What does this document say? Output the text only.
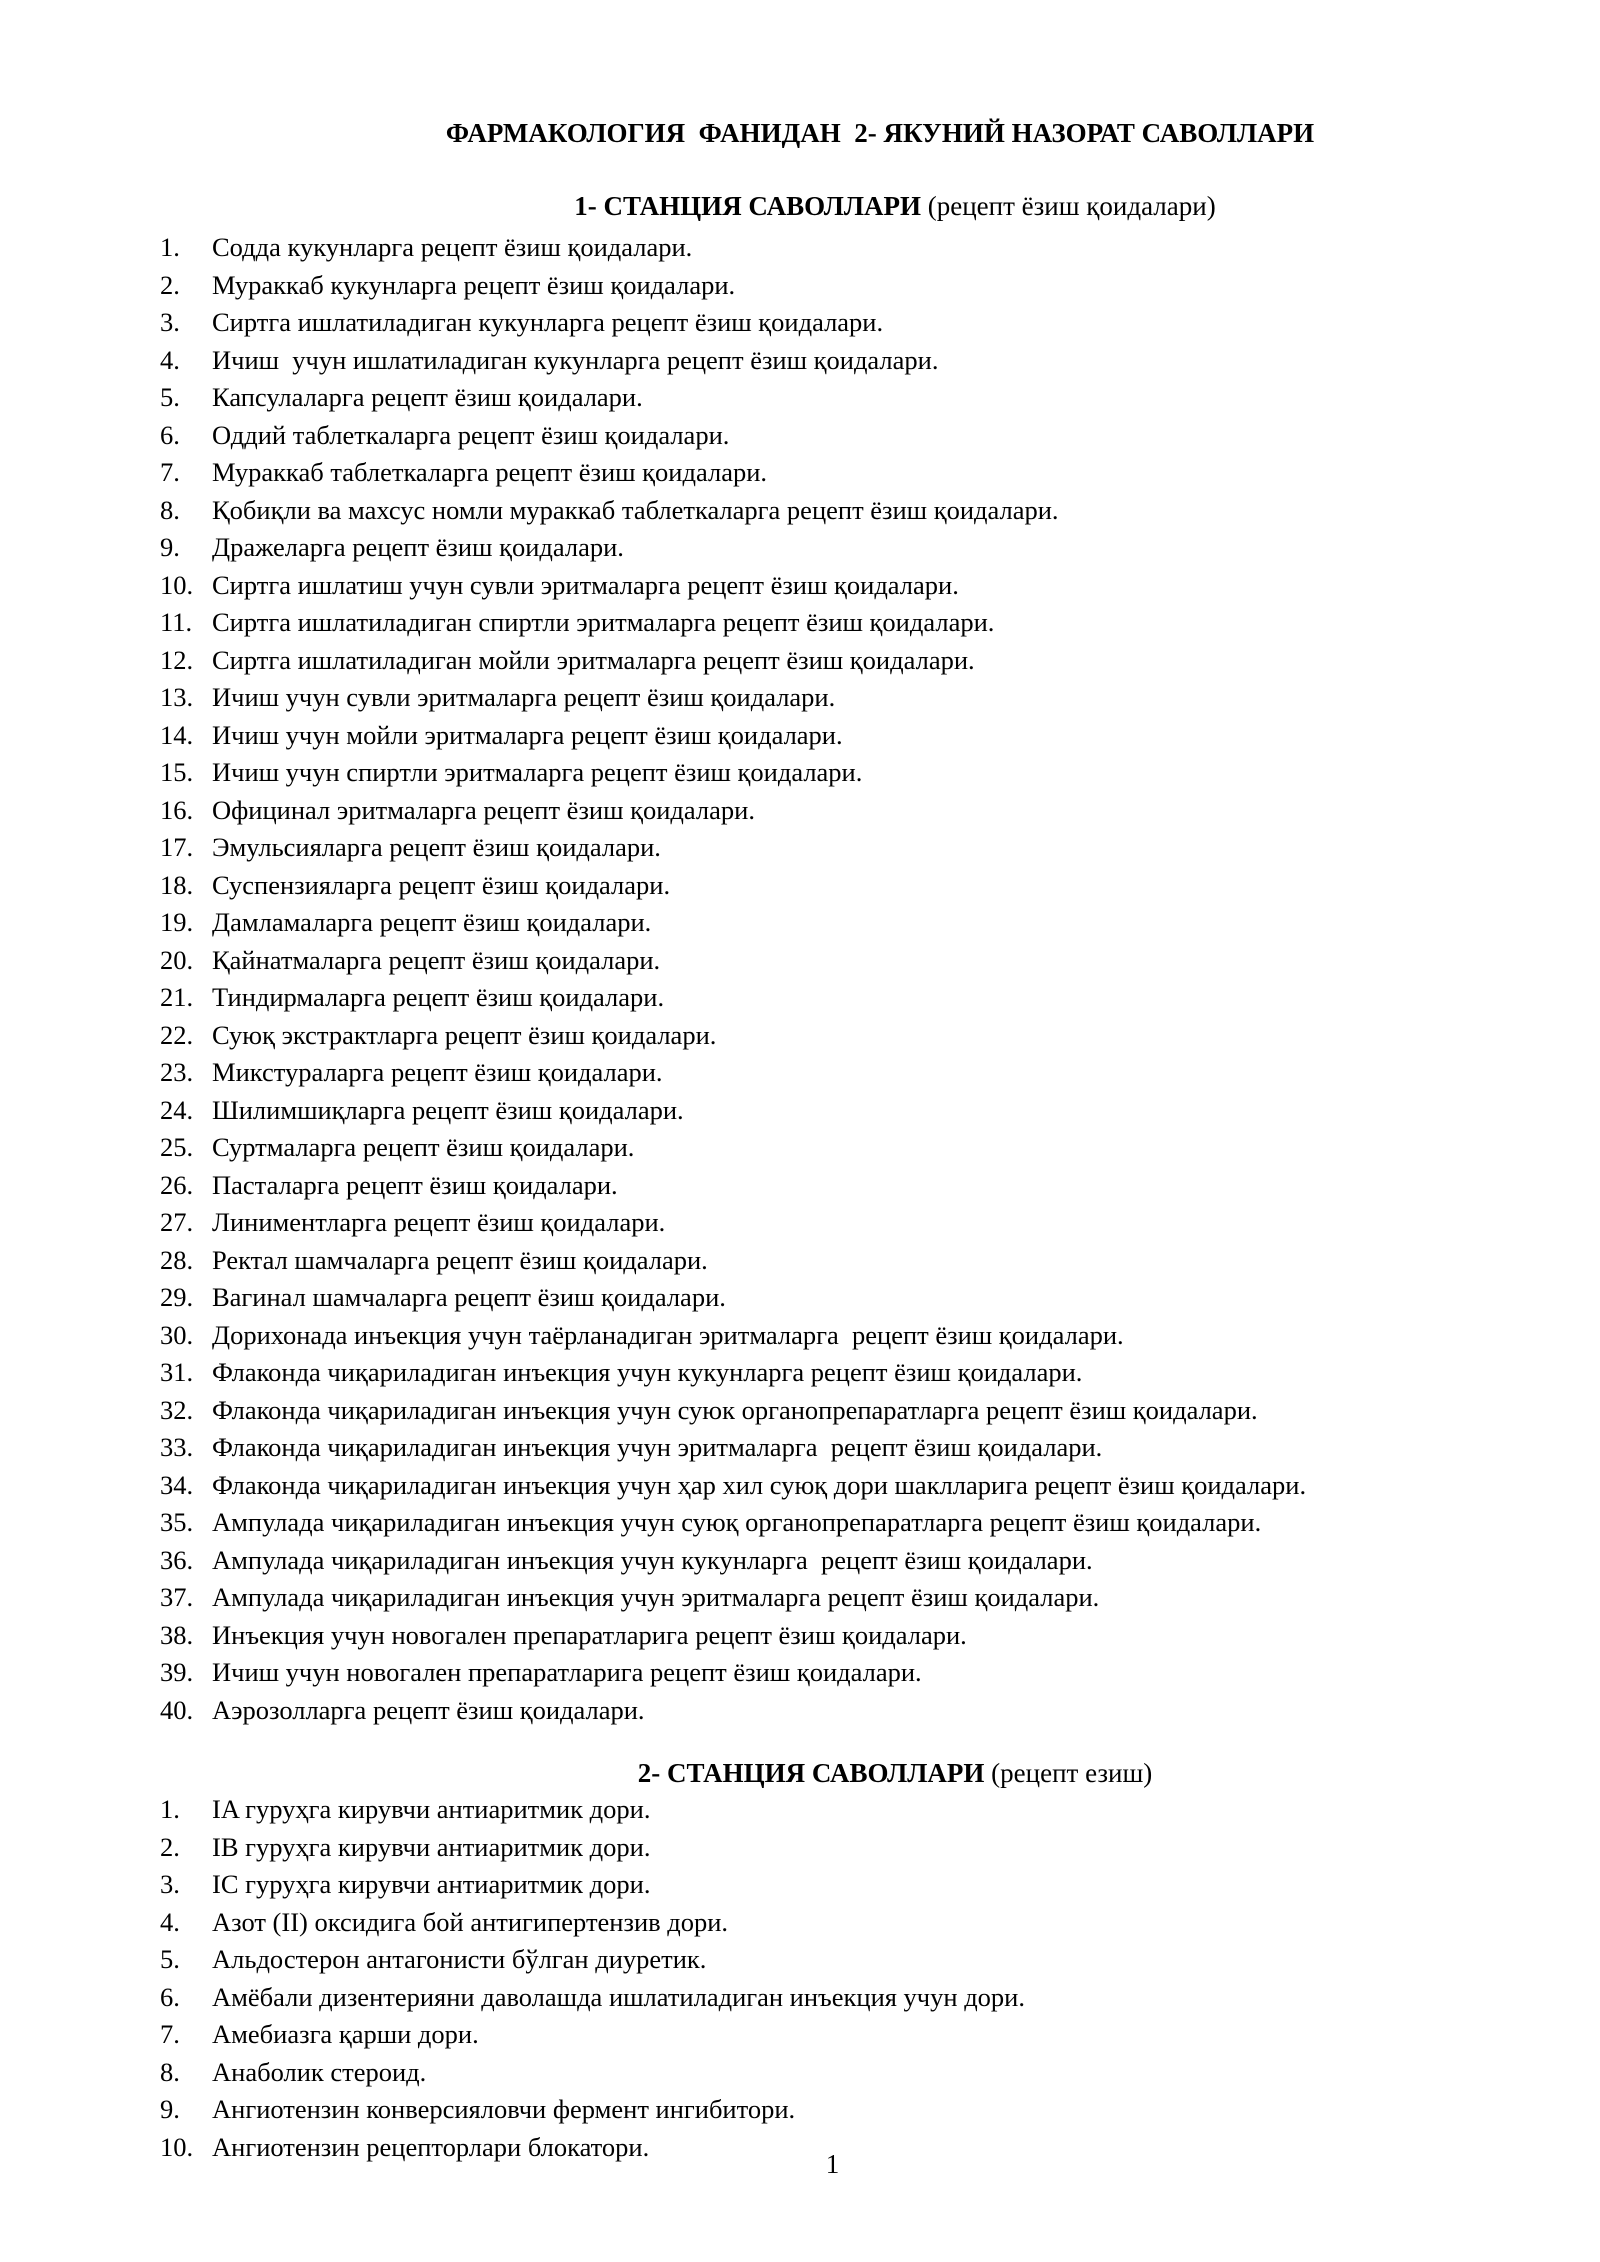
ФАРМАКОЛОГИЯ  ФАНИДАН  2- ЯКУНИЙ НАЗОРАТ САВОЛЛАРИ
1- СТАНЦИЯ САВОЛЛАРИ (рецепт ёзиш қоидалари)
1. Содда кукунларга рецепт ёзиш қоидалари.
2. Мураккаб кукунларга рецепт ёзиш қоидалари.
3. Сиртга ишлатиладиган кукунларга рецепт ёзиш қоидалари.
4. Ичиш  учун ишлатиладиган кукунларга рецепт ёзиш қоидалари.
5. Капсулаларга рецепт ёзиш қоидалари.
6. Оддий таблеткаларга рецепт ёзиш қоидалари.
7. Мураккаб таблеткаларга рецепт ёзиш қоидалари.
8. Қобиқли ва махсус номли мураккаб таблеткаларга рецепт ёзиш қоидалари.
9. Дражеларга рецепт ёзиш қоидалари.
10. Сиртга ишлатиш учун сувли эритмаларга рецепт ёзиш қоидалари.
11. Сиртга ишлатиладиган спиртли эритмаларга рецепт ёзиш қоидалари.
12. Сиртга ишлатиладиган мойли эритмаларга рецепт ёзиш қоидалари.
13. Ичиш учун сувли эритмаларга рецепт ёзиш қоидалари.
14. Ичиш учун мойли эритмаларга рецепт ёзиш қоидалари.
15. Ичиш учун спиртли эритмаларга рецепт ёзиш қоидалари.
16. Официнал эритмаларга рецепт ёзиш қоидалари.
17. Эмульсияларга рецепт ёзиш қоидалари.
18. Суспензияларга рецепт ёзиш қоидалари.
19. Дамламаларга рецепт ёзиш қоидалари.
20. Қайнатмаларга рецепт ёзиш қоидалари.
21. Тиндирмаларга рецепт ёзиш қоидалари.
22. Суюқ экстрактларга рецепт ёзиш қоидалари.
23. Микстураларга рецепт ёзиш қоидалари.
24. Шилимшиқларга рецепт ёзиш қоидалари.
25. Суртмаларга рецепт ёзиш қоидалари.
26. Пасталарга рецепт ёзиш қоидалари.
27. Линиментларга рецепт ёзиш қоидалари.
28. Ректал шамчаларга рецепт ёзиш қоидалари.
29. Вагинал шамчаларга рецепт ёзиш қоидалари.
30. Дорихонада инъекция учун таёрланадиган эритмаларга  рецепт ёзиш қоидалари.
31. Флаконда чиқариладиган инъекция учун кукунларга рецепт ёзиш қоидалари.
32. Флаконда чиқариладиган инъекция учун суюк органопрепаратларга рецепт ёзиш қоидалари.
33. Флаконда чиқариладиган инъекция учун эритмаларга  рецепт ёзиш қоидалари.
34. Флаконда чиқариладиган инъекция учун ҳар хил суюқ дори шаклларига рецепт ёзиш қоидалари.
35. Ампулада чиқариладиган инъекция учун суюқ органопрепаратларга рецепт ёзиш қоидалари.
36. Ампулада чиқариладиган инъекция учун кукунларга  рецепт ёзиш қоидалари.
37. Ампулада чиқариладиган инъекция учун эритмаларга рецепт ёзиш қоидалари.
38. Инъекция учун новогален препаратларига рецепт ёзиш қоидалари.
39. Ичиш учун новогален препаратларига рецепт ёзиш қоидалари.
40. Аэрозолларга рецепт ёзиш қоидалари.
2- СТАНЦИЯ САВОЛЛАРИ (рецепт езиш)
1. IA гуруҳга кирувчи антиаритмик дори.
2. IB гуруҳга кирувчи антиаритмик дори.
3. IC гуруҳга кирувчи антиаритмик дори.
4. Азот (II) оксидига бой антигипертензив дори.
5. Альдостерон антагонисти бўлган диуретик.
6. Амёбали дизентерияни даволашда ишлатиладиган инъекция учун дори.
7. Амебиазга қарши дори.
8. Анаболик стероид.
9. Ангиотензин конверсияловчи фермент ингибитори.
10. Ангиотензин рецепторлари блокатори.
1
